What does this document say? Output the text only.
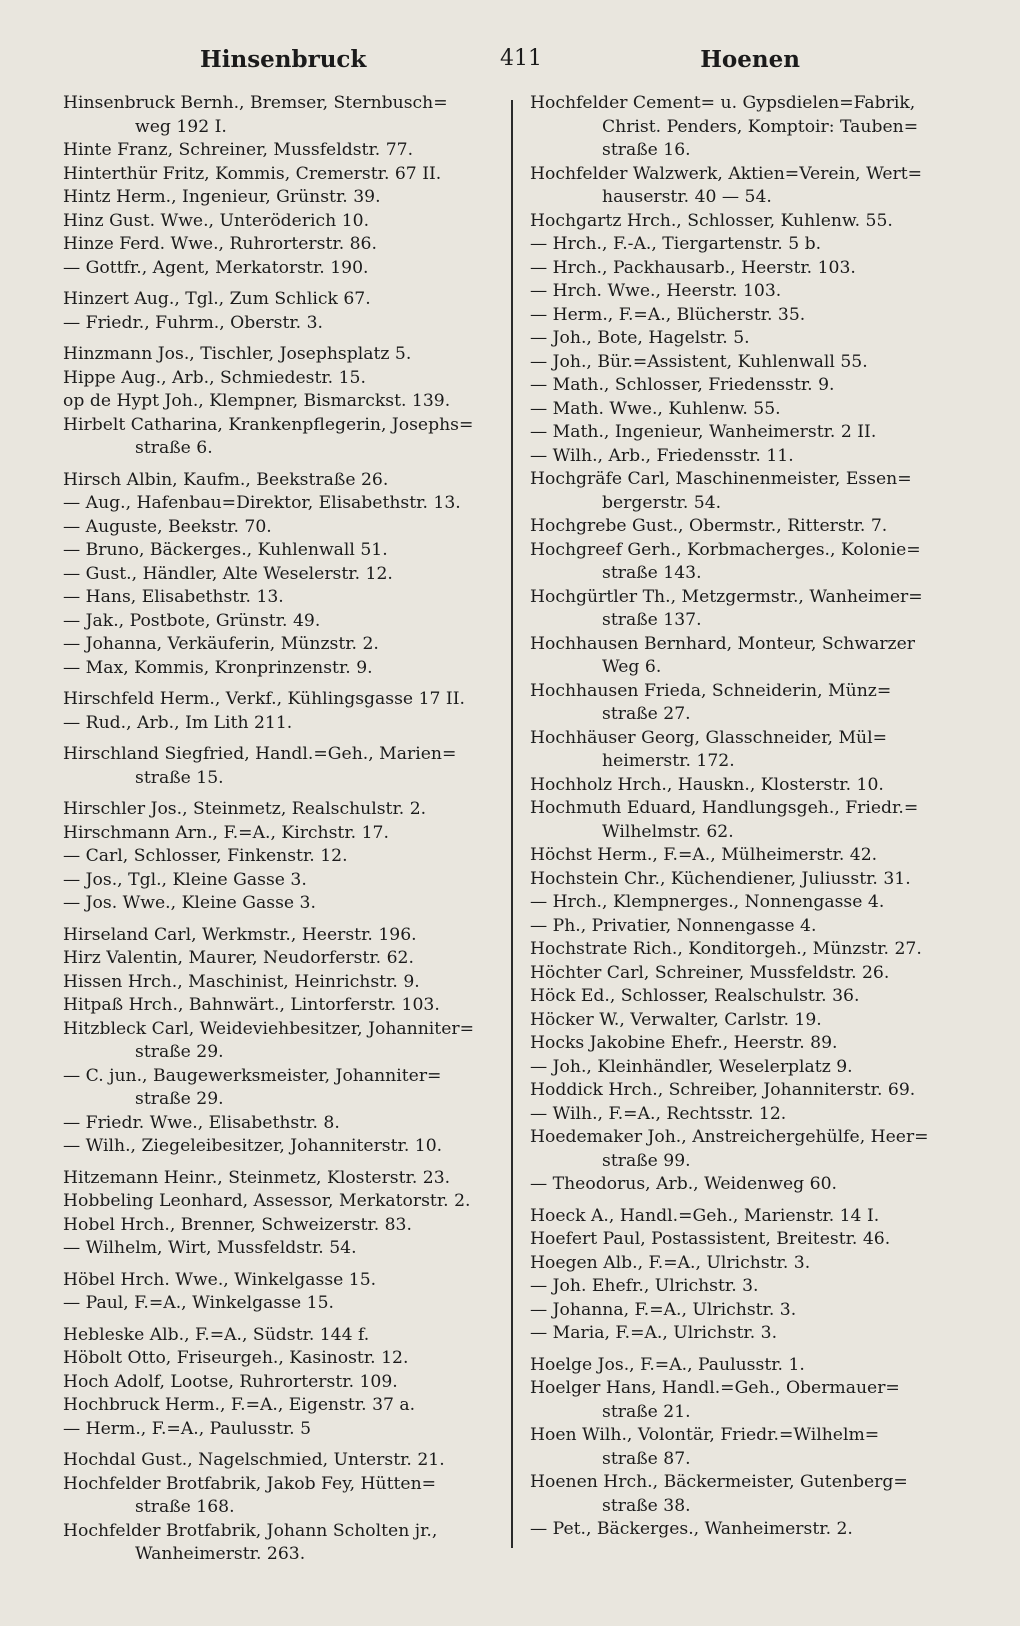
Hinsenbruck	411	Hoenen
Hinsenbruck Bernh., Bremser, Sternbusch=
weg 192 I.
Hinte Franz, Schreiner, Mussfeldstr. 77.
Hinterthür Fritz, Kommis, Cremerstr. 67 II.
Hintz Herm., Ingenieur, Grünstr. 39.
Hinz Gust. Wwe., Unteröderich 10.
Hinze Ferd. Wwe., Ruhrorterstr. 86.
— Gottfr., Agent, Merkatorstr. 190.
Hinzert Aug., Tgl., Zum Schlick 67.
— Friedr., Fuhrm., Oberstr. 3.
Hinzmann Jos., Tischler, Josephsplatz 5.
Hippe Aug., Arb., Schmiedestr. 15.
op de Hypt Joh., Klempner, Bismarckst. 139.
Hirbelt Catharina, Krankenpflegerin, Josephs=
straße 6.
Hirsch Albin, Kaufm., Beekstraße 26.
— Aug., Hafenbau=Direktor, Elisabethstr. 13.
— Auguste, Beekstr. 70.
— Bruno, Bäckerges., Kuhlenwall 51.
— Gust., Händler, Alte Weselerstr. 12.
— Hans, Elisabethstr. 13.
— Jak., Postbote, Grünstr. 49.
— Johanna, Verkäuferin, Münzstr. 2.
— Max, Kommis, Kronprinzenstr. 9.
Hirschfeld Herm., Verkf., Kühlingsgasse 17 II.
— Rud., Arb., Im Lith 211.
Hirschland Siegfried, Handl.=Geh., Marien=
straße 15.
Hirschler Jos., Steinmetz, Realschulstr. 2.
Hirschmann Arn., F.=A., Kirchstr. 17.
— Carl, Schlosser, Finkenstr. 12.
— Jos., Tgl., Kleine Gasse 3.
— Jos. Wwe., Kleine Gasse 3.
Hirseland Carl, Werkmstr., Heerstr. 196.
Hirz Valentin, Maurer, Neudorferstr. 62.
Hissen Hrch., Maschinist, Heinrichstr. 9.
Hitpaß Hrch., Bahnwärt., Lintorferstr. 103.
Hitzbleck Carl, Weideviehbesitzer, Johanniter=
straße 29.
— C. jun., Baugewerksmeister, Johanniter=
straße 29.
— Friedr. Wwe., Elisabethstr. 8.
— Wilh., Ziegeleibesitzer, Johanniterstr. 10.
Hitzemann Heinr., Steinmetz, Klosterstr. 23.
Hobbeling Leonhard, Assessor, Merkatorstr. 2.
Hobel Hrch., Brenner, Schweizerstr. 83.
— Wilhelm, Wirt, Mussfeldstr. 54.
Höbel Hrch. Wwe., Winkelgasse 15.
— Paul, F.=A., Winkelgasse 15.
Hebleske Alb., F.=A., Südstr. 144 f.
Höbolt Otto, Friseurgeh., Kasinostr. 12.
Hoch Adolf, Lootse, Ruhrorterstr. 109.
Hochbruck Herm., F.=A., Eigenstr. 37 a.
— Herm., F.=A., Paulusstr. 5
Hochdal Gust., Nagelschmied, Unterstr. 21.
Hochfelder Brotfabrik, Jakob Fey, Hütten=
straße 168.
Hochfelder Brotfabrik, Johann Scholten jr.,
Wanheimerstr. 263.
Hochfelder Cement= u. Gypsdielen=Fabrik,
Christ. Penders, Komptoir: Tauben=
straße 16.
Hochfelder Walzwerk, Aktien=Verein, Wert=
hauserstr. 40 — 54.
Hochgartz Hrch., Schlosser, Kuhlenw. 55.
— Hrch., F.-A., Tiergartenstr. 5 b.
— Hrch., Packhausarb., Heerstr. 103.
— Hrch. Wwe., Heerstr. 103.
— Herm., F.=A., Blücherstr. 35.
— Joh., Bote, Hagelstr. 5.
— Joh., Bür.=Assistent, Kuhlenwall 55.
— Math., Schlosser, Friedensstr. 9.
— Math. Wwe., Kuhlenw. 55.
— Math., Ingenieur, Wanheimerstr. 2 II.
— Wilh., Arb., Friedensstr. 11.
Hochgräfe Carl, Maschinenmeister, Essen=
bergerstr. 54.
Hochgrebe Gust., Obermstr., Ritterstr. 7.
Hochgreef Gerh., Korbmacherges., Kolonie=
straße 143.
Hochgürtler Th., Metzgermstr., Wanheimer=
straße 137.
Hochhausen Bernhard, Monteur, Schwarzer
Weg 6.
Hochhausen Frieda, Schneiderin, Münz=
straße 27.
Hochhäuser Georg, Glasschneider, Mül=
heimerstr. 172.
Hochholz Hrch., Hauskn., Klosterstr. 10.
Hochmuth Eduard, Handlungsgeh., Friedr.=
Wilhelmstr. 62.
Höchst Herm., F.=A., Mülheimerstr. 42.
Hochstein Chr., Küchendiener, Juliusstr. 31.
— Hrch., Klempnerges., Nonnengasse 4.
— Ph., Privatier, Nonnengasse 4.
Hochstrate Rich., Konditorgeh., Münzstr. 27.
Höchter Carl, Schreiner, Mussfeldstr. 26.
Höck Ed., Schlosser, Realschulstr. 36.
Höcker W., Verwalter, Carlstr. 19.
Hocks Jakobine Ehefr., Heerstr. 89.
— Joh., Kleinhändler, Weselerplatz 9.
Hoddick Hrch., Schreiber, Johanniterstr. 69.
— Wilh., F.=A., Rechtsstr. 12.
Hoedemaker Joh., Anstreichergehülfe, Heer=
straße 99.
— Theodorus, Arb., Weidenweg 60.
Hoeck A., Handl.=Geh., Marienstr. 14 I.
Hoefert Paul, Postassistent, Breitestr. 46.
Hoegen Alb., F.=A., Ulrichstr. 3.
— Joh. Ehefr., Ulrichstr. 3.
— Johanna, F.=A., Ulrichstr. 3.
— Maria, F.=A., Ulrichstr. 3.
Hoelge Jos., F.=A., Paulusstr. 1.
Hoelger Hans, Handl.=Geh., Obermauer=
straße 21.
Hoen Wilh., Volontär, Friedr.=Wilhelm=
straße 87.
Hoenen Hrch., Bäckermeister, Gutenberg=
straße 38.
— Pet., Bäckerges., Wanheimerstr. 2.
